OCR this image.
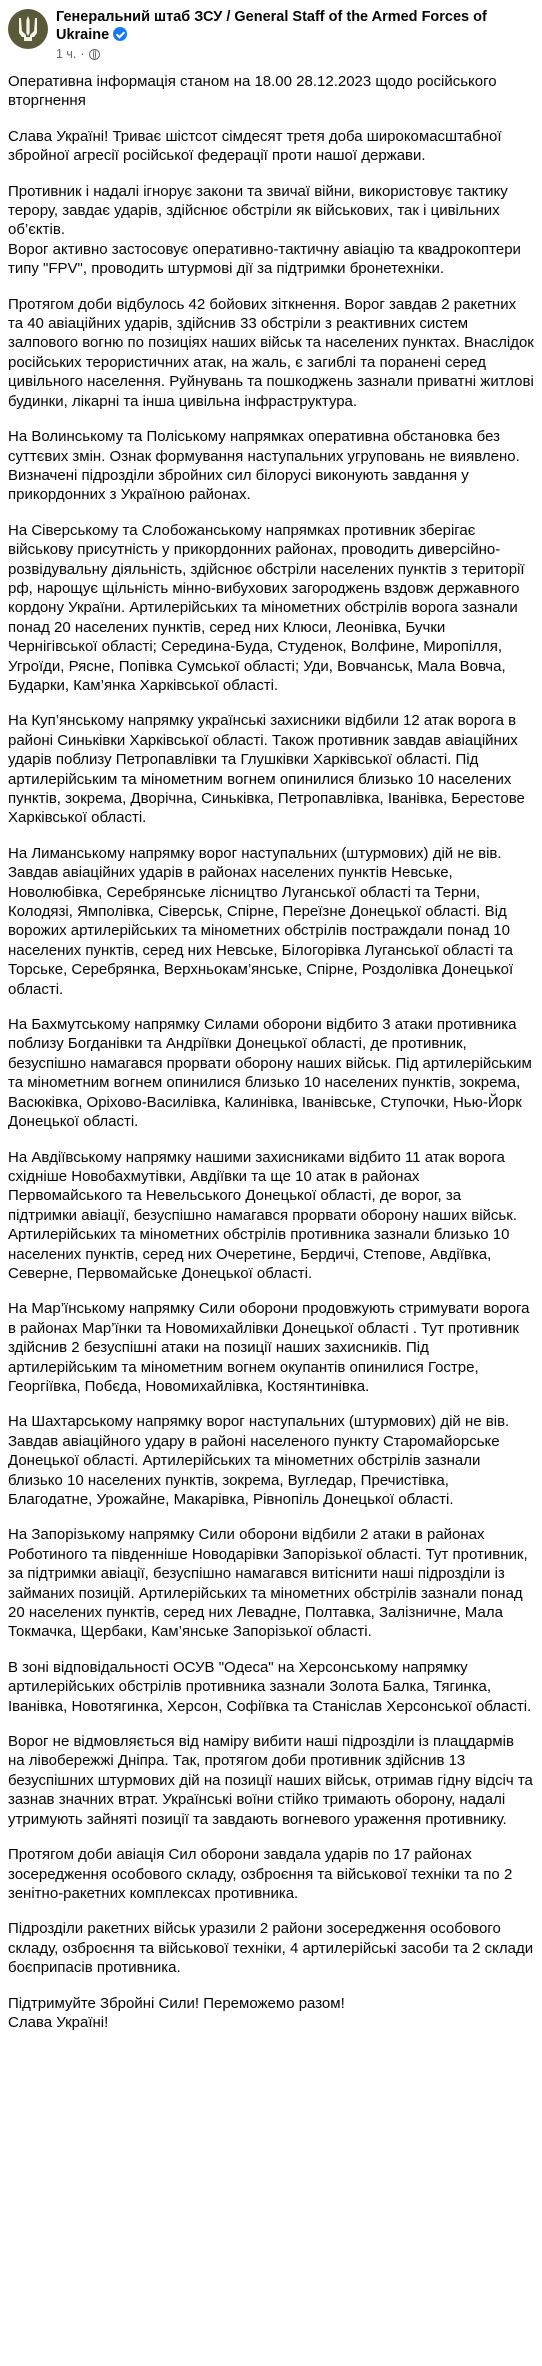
Генеральний штаб ЗСУ / General Staff of the Armed Forces of Ukraine
1 ч. ·

Оперативна інформація станом на 18.00 28.12.2023 щодо російського вторгнення

Слава Україні! Триває шістсот сімдесят третя доба широкомасштабної збройної агресії російської федерації проти нашої держави.

Противник і надалі ігнорує закони та звичаї війни, використовує тактику терору, завдає ударів, здійснює обстріли як військових, так і цивільних об’єктів.
Ворог активно застосовує оперативно-тактичну авіацію та квадрокоптери типу "FPV", проводить штурмові дії за підтримки бронетехніки.

Протягом доби відбулось 42 бойових зіткнення. Ворог завдав 2 ракетних та 40 авіаційних ударів, здійснив 33 обстріли з реактивних систем залпового вогню по позиціях наших військ та населених пунктах. Внаслідок російських терористичних атак, на жаль, є загиблі та поранені серед цивільного населення. Руйнувань та пошкоджень зазнали приватні житлові будинки, лікарні та інша цивільна інфраструктура.

На Волинському та Поліському напрямках оперативна обстановка без суттєвих змін. Ознак формування наступальних угруповань не виявлено. Визначені підрозділи збройних сил білорусі виконують завдання у прикордонних з Україною районах.

На Сіверському та Слобожанському напрямках противник зберігає військову присутність у прикордонних районах, проводить диверсійно-розвідувальну діяльність, здійснює обстріли населених пунктів з території рф, нарощує щільність мінно-вибухових загороджень вздовж державного кордону України. Артилерійських та мінометних обстрілів ворога зазнали понад 20 населених пунктів, серед них Клюси, Леонівка, Бучки Чернігівської області; Середина-Буда, Студенок, Волфине, Миропілля, Угроїди, Рясне, Попівка Сумської області; Уди, Вовчанськ, Мала Вовча, Бударки, Кам’янка Харківської області.

На Куп’янському напрямку українські захисники відбили 12 атак ворога в районі Синьківки Харківської області. Також противник завдав авіаційних ударів поблизу Петропавлівки та Глушківки Харківської області. Під артилерійським та мінометним вогнем опинилися близько 10 населених пунктів, зокрема, Дворічна, Синьківка, Петропавлівка, Іванівка, Берестове Харківської області.

На Лиманському напрямку ворог наступальних (штурмових) дій не вів. Завдав авіаційних ударів в районах населених пунктів Невське, Новолюбівка, Серебрянське лісництво Луганської області та Терни, Колодязі, Ямполівка, Сіверськ, Спірне, Переїзне Донецької області. Від ворожих артилерійських та мінометних обстрілів постраждали понад 10 населених пунктів, серед них Невське, Білогорівка Луганської області та Торське, Серебрянка, Верхньокам’янське, Спірне, Роздолівка Донецької області.

На Бахмутському напрямку Силами оборони відбито 3 атаки противника поблизу Богданівки та Андріївки Донецької області, де противник, безуспішно намагався прорвати оборону наших військ. Під артилерійським та мінометним вогнем опинилися близько 10 населених пунктів, зокрема, Васюківка, Оріхово-Василівка, Калинівка, Іванівське, Ступочки, Нью-Йорк Донецької області.

На Авдіївському напрямку нашими захисниками відбито 11 атак ворога східніше Новобахмутівки, Авдіївки та ще 10 атак в районах Первомайського та Невельського Донецької області, де ворог, за підтримки авіації, безуспішно намагався прорвати оборону наших військ. Артилерійських та мінометних обстрілів противника зазнали близько 10 населених пунктів, серед них Очеретине, Бердичі, Степове, Авдіївка, Северне, Первомайське Донецької області.

На Мар’їнському напрямку Сили оборони продовжують стримувати ворога в районах Мар’їнки та Новомихайлівки Донецької області . Тут противник здійснив 2 безуспішні атаки на позиції наших захисників. Під артилерійським та мінометним вогнем окупантів опинилися Гостре, Георгіївка, Побєда, Новомихайлівка, Костянтинівка.

На Шахтарському напрямку ворог наступальних (штурмових) дій не вів. Завдав авіаційного удару в районі населеного пункту Старомайорське Донецької області. Артилерійських та мінометних обстрілів зазнали близько 10 населених пунктів, зокрема, Вугледар, Пречистівка, Благодатне, Урожайне, Макарівка, Рівнопіль Донецької області.

На Запорізькому напрямку Сили оборони відбили 2 атаки в районах Роботиного та південніше Новодарівки Запорізької області. Тут противник, за підтримки авіації, безуспішно намагався витіснити наші підрозділи із займаних позицій. Артилерійських та мінометних обстрілів зазнали понад 20 населених пунктів, серед них Левадне, Полтавка, Залізничне, Мала Токмачка, Щербаки, Кам’янське Запорізької області.

В зоні відповідальності ОСУВ "Одеса" на Херсонському напрямку артилерійських обстрілів противника зазнали Золота Балка, Тягинка, Іванівка, Новотягинка, Херсон, Софіївка та Станіслав Херсонської області.

Ворог не відмовляється від наміру вибити наші підрозділи із плацдармів на лівобережжі Дніпра. Так, протягом доби противник здійснив 13 безуспішних штурмових дій на позиції наших військ, отримав гідну відсіч та зазнав значних втрат. Українські воїни стійко тримають оборону, надалі утримують зайняті позиції та завдають вогневого ураження противнику.

Протягом доби авіація Сил оборони завдала ударів по 17 районах зосередження особового складу, озброєння та військової техніки та по 2 зенітно-ракетних комплексах противника.

Підрозділи ракетних військ уразили 2 райони зосередження особового складу, озброєння та військової техніки, 4 артилерійські засоби та 2 склади боєприпасів противника.

Підтримуйте Збройні Сили! Переможемо разом!
Слава Україні!
